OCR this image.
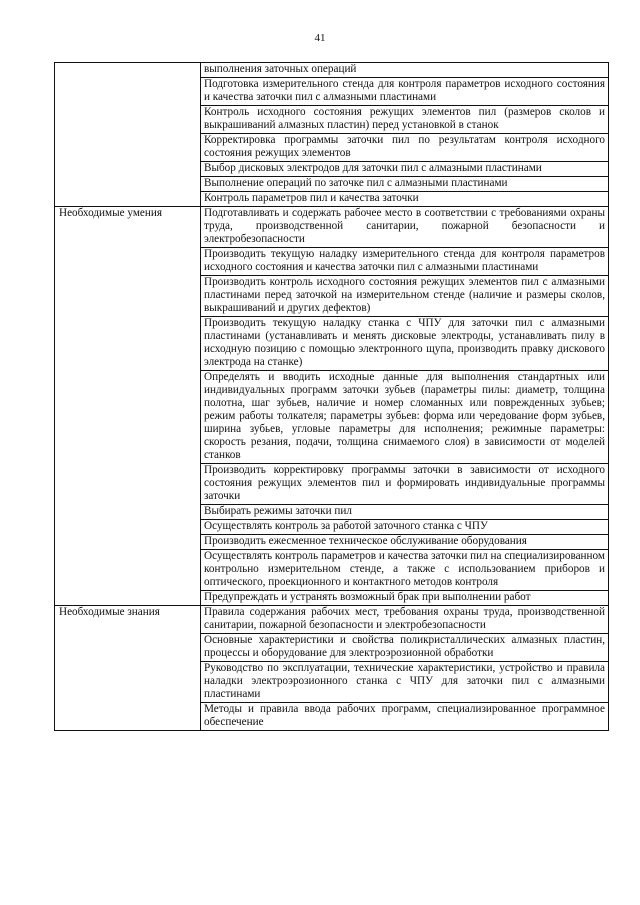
41
	выполнения заточных операций
	Подготовка измерительного стенда для контроля параметров исходного состояния и качества заточки пил с алмазными пластинами
	Контроль исходного состояния режущих элементов пил (размеров сколов и выкрашиваний алмазных пластин) перед установкой в станок
	Корректировка программы заточки пил по результатам контроля исходного состояния режущих элементов
	Выбор дисковых электродов для заточки пил с алмазными пластинами
	Выполнение операций по заточке пил с алмазными пластинами
	Контроль параметров пил и качества заточки
Необходимые умения	Подготавливать и содержать рабочее место в соответствии с требованиями охраны труда, производственной санитарии, пожарной безопасности и электробезопасности
	Производить текущую наладку измерительного стенда для контроля параметров исходного состояния и качества заточки пил с алмазными пластинами
	Производить контроль исходного состояния режущих элементов пил с алмазными пластинами перед заточкой на измерительном стенде (наличие и размеры сколов, выкрашиваний и других дефектов)
	Производить текущую наладку станка с ЧПУ для заточки пил с алмазными пластинами (устанавливать и менять дисковые электроды, устанавливать пилу в исходную позицию с помощью электронного щупа, производить правку дискового электрода на станке)
	Определять и вводить исходные данные для выполнения стандартных или индивидуальных программ заточки зубьев (параметры пилы: диаметр, толщина полотна, шаг зубьев, наличие и номер сломанных или поврежденных зубьев; режим работы толкателя; параметры зубьев: форма или чередование форм зубьев, ширина зубьев, угловые параметры для исполнения; режимные параметры: скорость резания, подачи, толщина снимаемого слоя) в зависимости от моделей станков
	Производить корректировку программы заточки в зависимости от исходного состояния режущих элементов пил и формировать индивидуальные программы заточки
	Выбирать режимы заточки пил
	Осуществлять контроль за работой заточного станка с ЧПУ
	Производить ежесменное техническое обслуживание оборудования
	Осуществлять контроль параметров и качества заточки пил на специализированном контрольно измерительном стенде, а также с использованием приборов и оптического, проекционного и контактного методов контроля
	Предупреждать и устранять возможный брак при выполнении работ
Необходимые знания	Правила содержания рабочих мест, требования охраны труда, производственной санитарии, пожарной безопасности и электробезопасности
	Основные характеристики и свойства поликристаллических алмазных пластин, процессы и оборудование для электроэрозионной обработки
	Руководство по эксплуатации, технические характеристики, устройство и правила наладки электроэрозионного станка с ЧПУ для заточки пил с алмазными пластинами
	Методы и правила ввода рабочих программ, специализированное программное обеспечение
